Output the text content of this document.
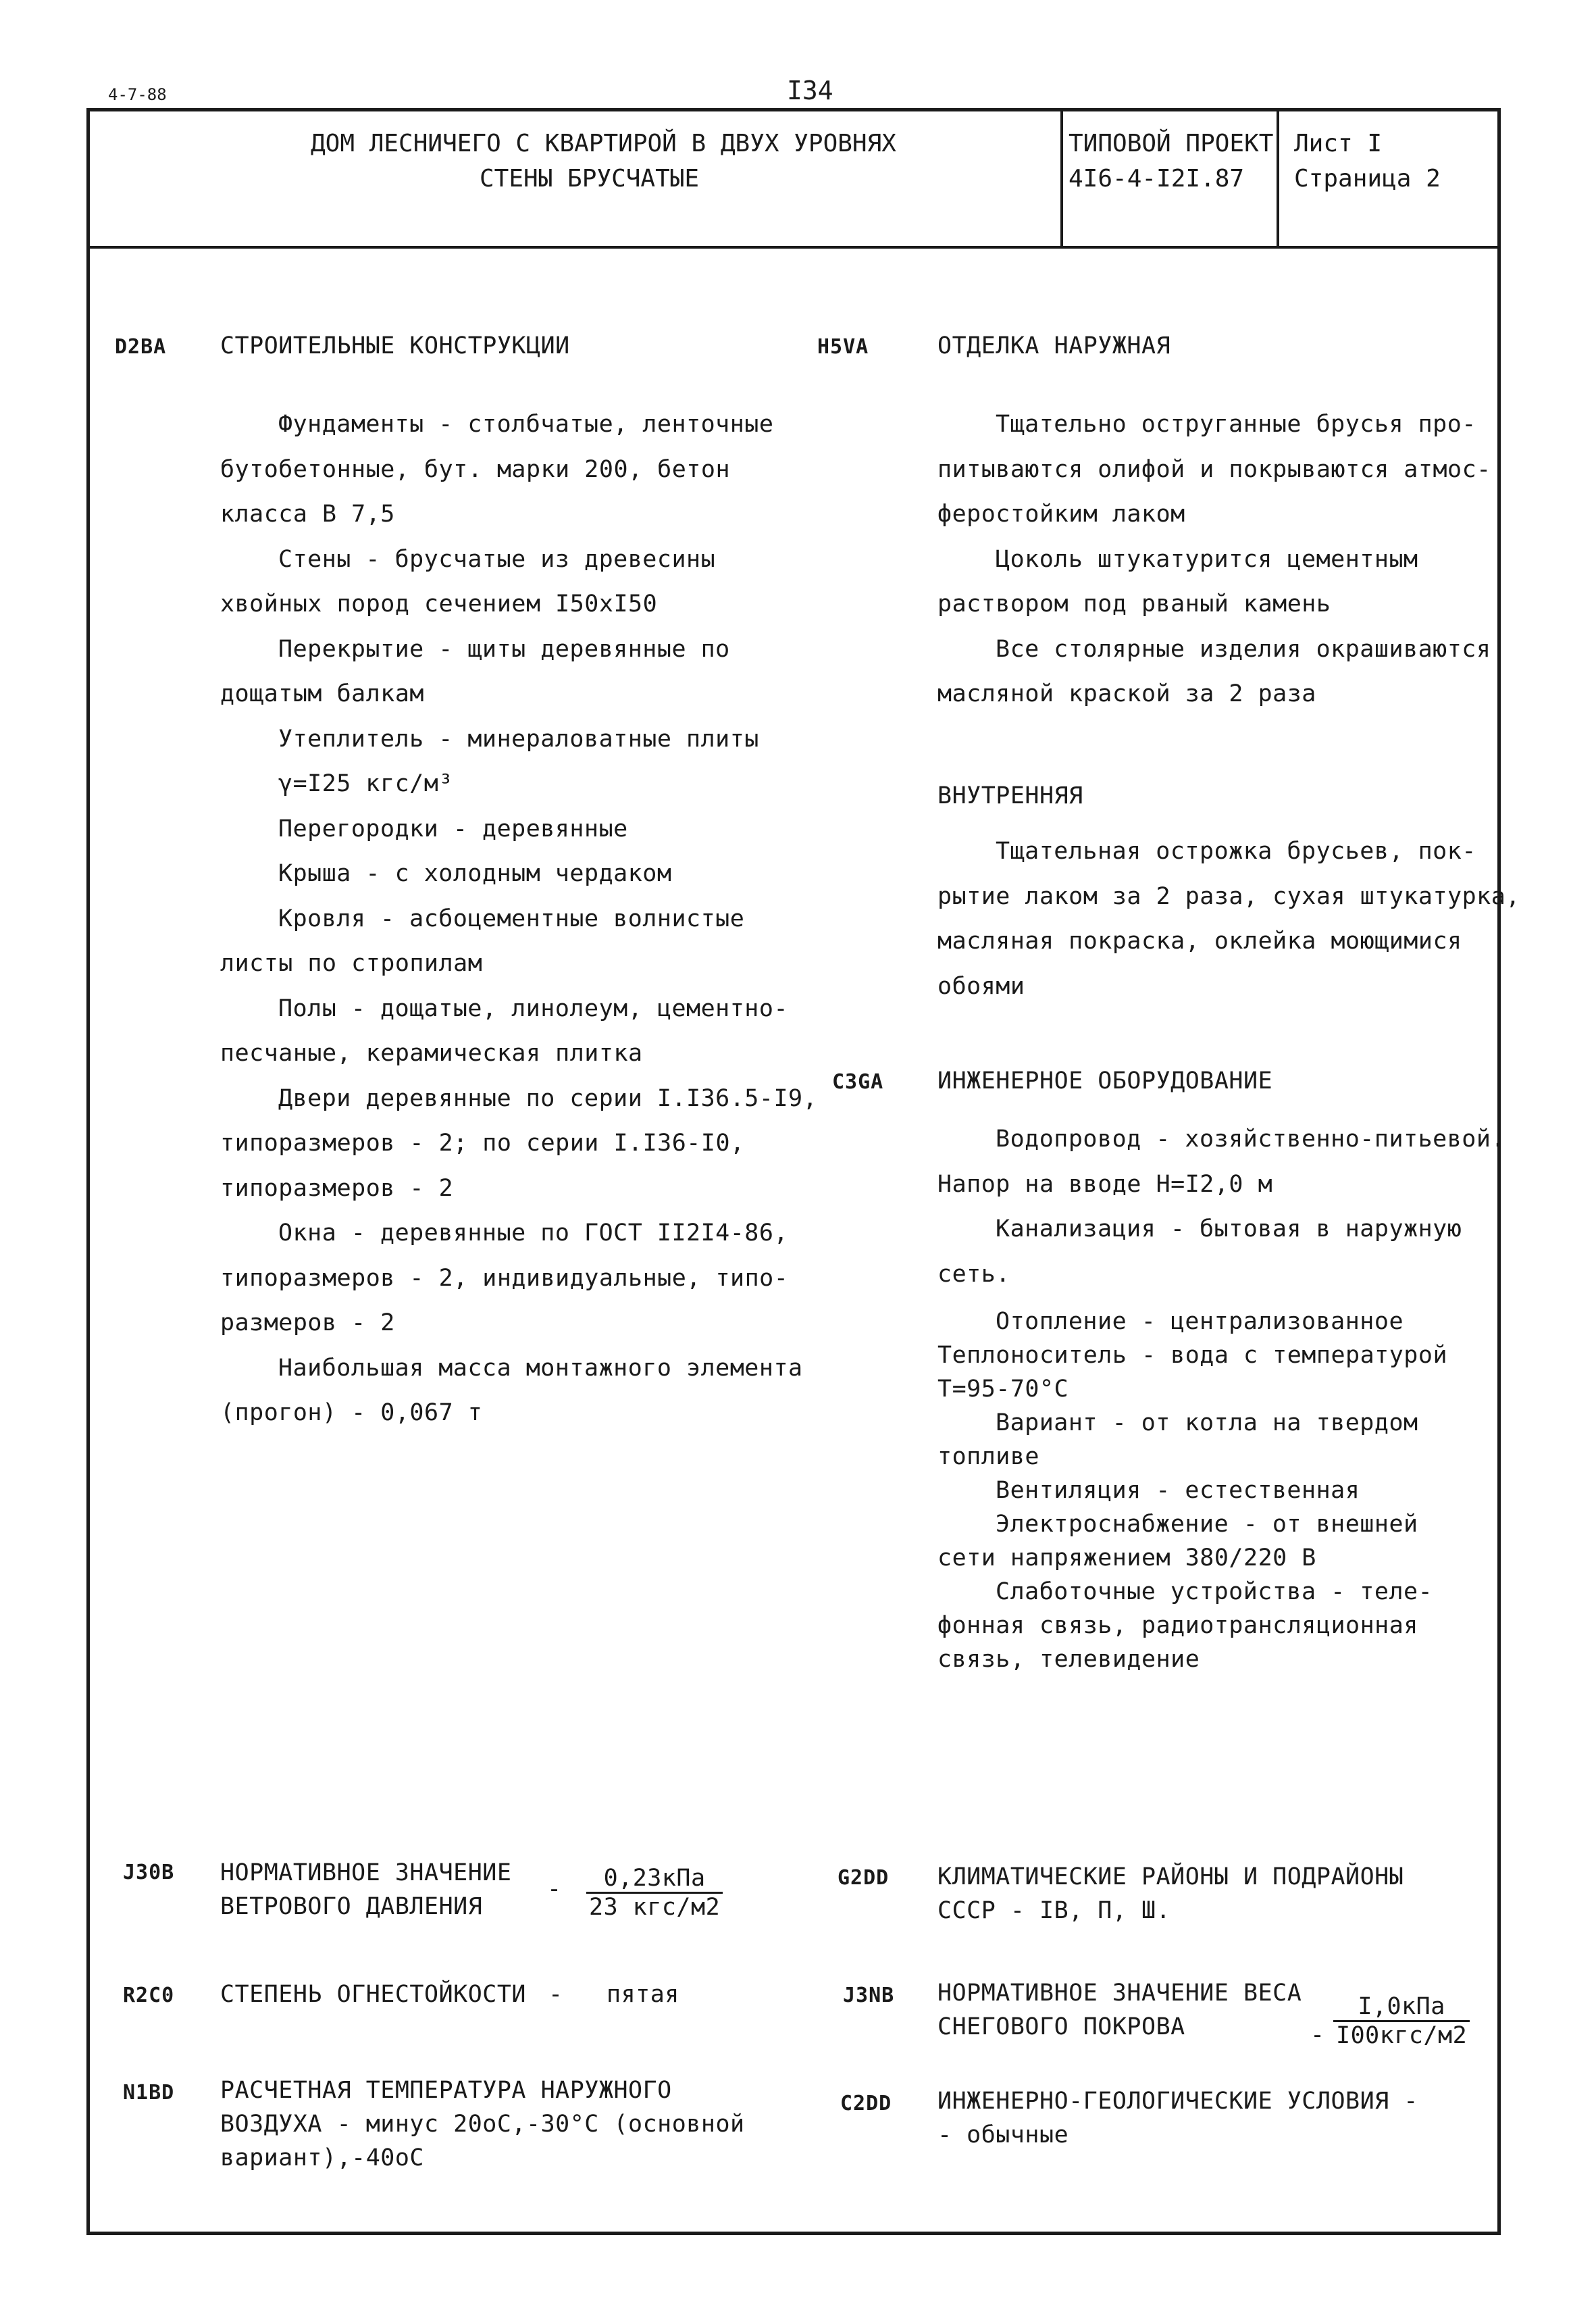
4-7-88	I34
ДОМ ЛЕСНИЧЕГО С КВАРТИРОЙ В ДВУХ УРОВНЯХ
СТЕНЫ БРУСЧАТЫЕ
ТИПОВОЙ ПРОЕКТ
4I6-4-I2I.87
Лист I
Страница 2
D2BA СТРОИТЕЛЬНЫЕ КОНСТРУКЦИИ
Фундаменты - столбчатые, ленточные
бутобетонные, бут. марки 200, бетон
класса В 7,5
Стены - брусчатые из древесины
хвойных пород сечением I50xI50
Перекрытие - щиты деревянные по
дощатым балкам
Утеплитель - минераловатные плиты
γ=I25 кгс/м³
Перегородки - деревянные
Крыша - с холодным чердаком
Кровля - асбоцементные волнистые
листы по стропилам
Полы - дощатые, линолеум, цементно-
песчаные, керамическая плитка
Двери деревянные по серии I.I36.5-I9,
типоразмеров - 2; по серии I.I36-I0,
типоразмеров - 2
Окна - деревянные по ГОСТ II2I4-86,
типоразмеров - 2, индивидуальные, типо-
размеров - 2
Наибольшая масса монтажного элемента
(прогон) - 0,067 т
H5VA	ОТДЕЛКА НАРУЖНАЯ
Тщательно оструганные брусья про-
питываются олифой и покрываются атмос-
феростойким лаком
Цоколь штукатурится цементным
раствором под рваный камень
Все столярные изделия окрашиваются
масляной краской за 2 раза
ВНУТРЕННЯЯ
Тщательная острожка брусьев, пок-
рытие лаком за 2 раза, сухая штукатурка,
масляная покраска, оклейка моющимися
обоями
C3GA ИНЖЕНЕРНОЕ ОБОРУДОВАНИЕ
Водопровод - хозяйственно-питьевой.
Напор на вводе H=I2,0 м
Канализация - бытовая в наружную
сеть.
Отопление - централизованное
Теплоноситель - вода с температурой
Т=95-70°С
Вариант - от котла на твердом
топливе
Вентиляция - естественная
Электроснабжение - от внешней
сети напряжением 380/220 В
Слаботочные устройства - теле-
фонная связь, радиотрансляционная
связь, телевидение
J30B НОРМАТИВНОЕ ЗНАЧЕНИЕ
ВЕТРОВОГО ДАВЛЕНИЯ
-	0,23кПа
23 кгс/м2
G2DD КЛИМАТИЧЕСКИЕ РАЙОНЫ И ПОДРАЙОНЫ
СССР - IВ, П, Ш.
R2C0 СТЕПЕНЬ ОГНЕСТОЙКОСТИ - пятая	J3NB НОРМАТИВНОЕ ЗНАЧЕНИЕ ВЕСА
СНЕГОВОГО ПОКРОВА	-
I,0кПа
I00кгс/м2
N1BD РАСЧЕТНАЯ ТЕМПЕРАТУРА НАРУЖНОГО
ВОЗДУХА - минус 20оС,-30°С (основной
вариант),-40оС
C2DD ИНЖЕНЕРНО-ГЕОЛОГИЧЕСКИЕ УСЛОВИЯ -
- обычные
